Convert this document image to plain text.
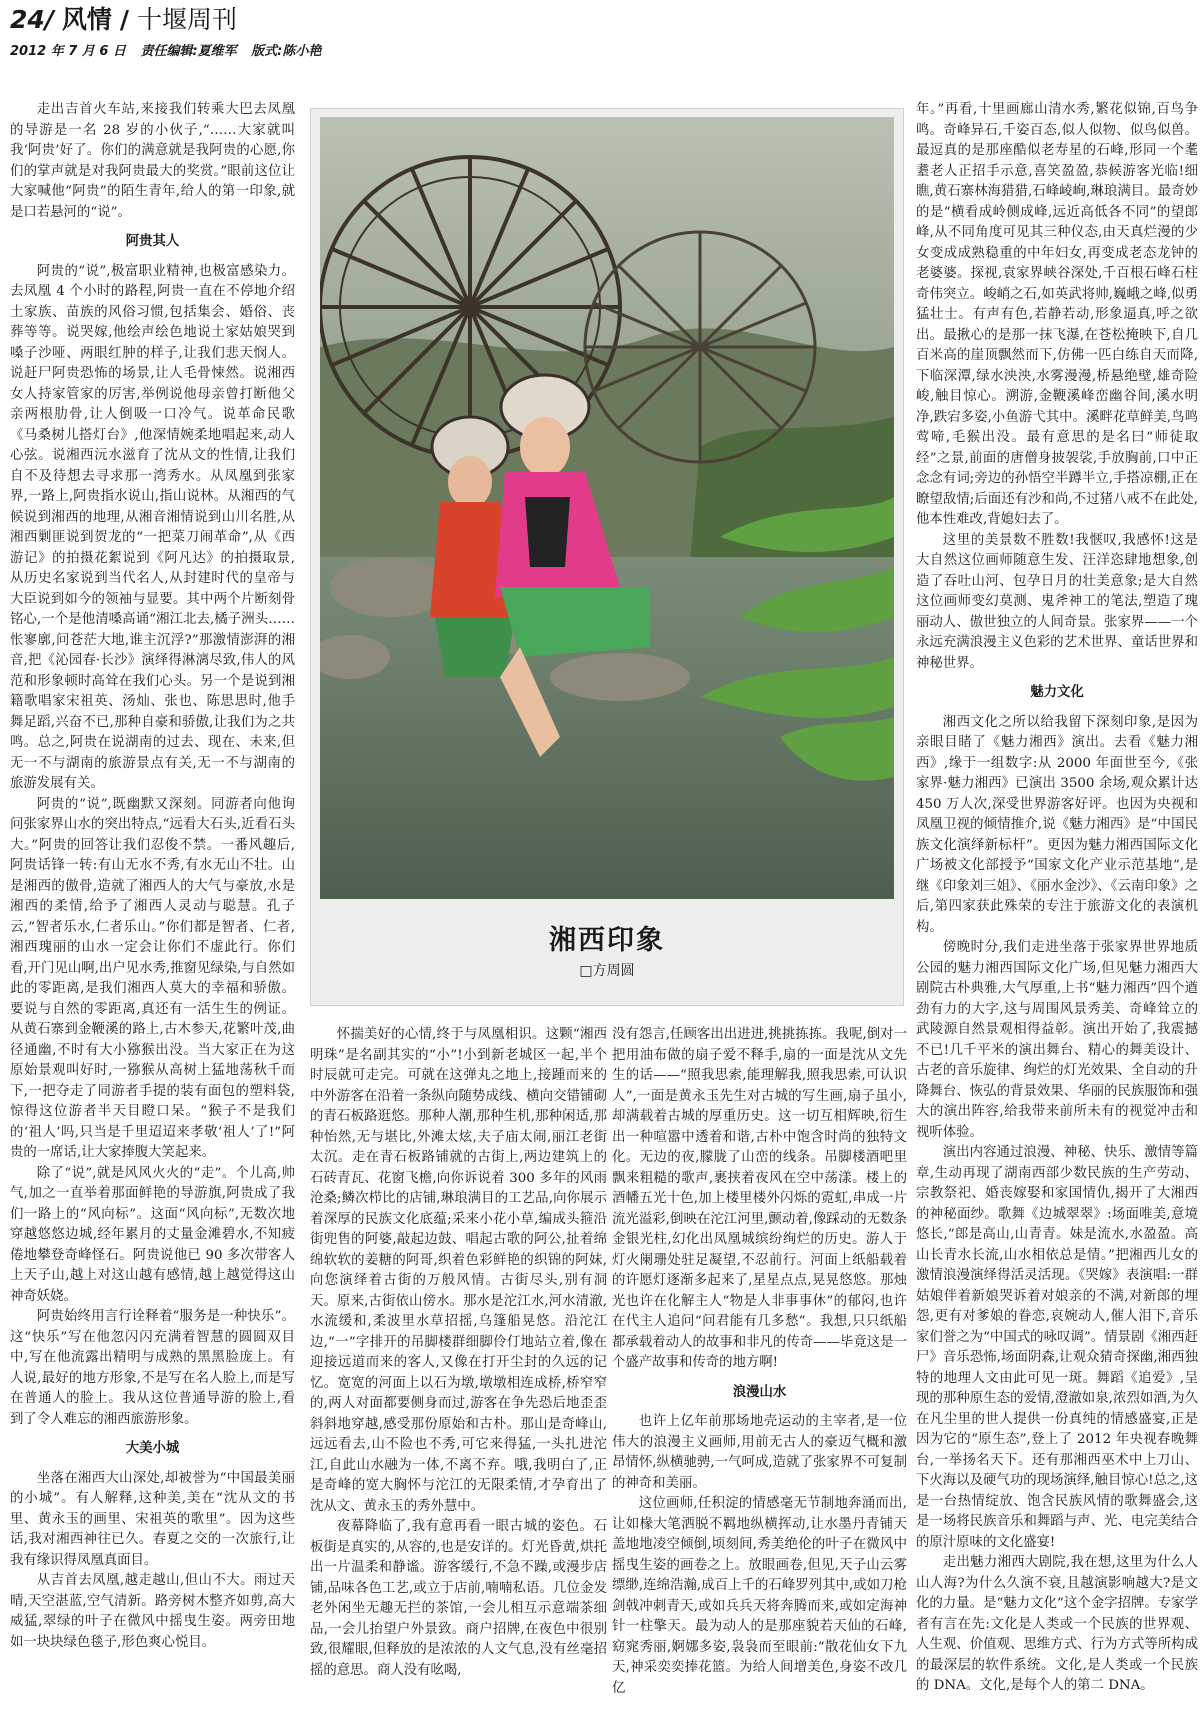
24/ 风情 / 十堰周刊
2012 年 7 月 6 日 责任编辑:夏维军 版式:陈小艳

走出吉首火车站,来接我们转乘大巴去凤凰的导游是一名 28 岁的小伙子,“……大家就叫我‘阿贵’好了。你们的满意就是我阿贵的心愿,你们的掌声就是对我阿贵最大的奖赏。”眼前这位让大家喊他“阿贵”的陌生青年,给人的第一印象,就是口若悬河的“说”。

阿贵其人

阿贵的“说”,极富职业精神,也极富感染力。去凤凰 4 个小时的路程,阿贵一直在不停地介绍土家族、苗族的风俗习惯,包括集会、婚俗、丧葬等等。说哭嫁,他绘声绘色地说土家姑娘哭到嗓子沙哑、两眼红肿的样子,让我们悲天悯人。说赶尸阿贵恐怖的场景,让人毛骨悚然。说湘西女人持家管家的厉害,举例说他母亲曾打断他父亲两根肋骨,让人倒吸一口冷气。说革命民歌《马桑树儿搭灯台》,他深情婉柔地唱起来,动人心弦。说湘西沅水滋育了沈从文的性情,让我们自不及待想去寻求那一湾秀水。从凤凰到张家界,一路上,阿贵指水说山,指山说林。从湘西的气候说到湘西的地理,从湘音湘情说到山川名胜,从湘西剿匪说到贺龙的“一把菜刀闹革命”,从《西游记》的拍摄花絮说到《阿凡达》的拍摄取景,从历史名家说到当代名人,从封建时代的皇帝与大臣说到如今的领袖与显要。其中两个片断刻骨铭心,一个是他清嗓高诵“湘江北去,橘子洲头……怅寥廓,问苍茫大地,谁主沉浮?”那激情澎湃的湘音,把《沁园春·长沙》演绎得淋漓尽致,伟人的风范和形象顿时高耸在我们心头。另一个是说到湘籍歌唱家宋祖英、汤灿、张也、陈思思时,他手舞足蹈,兴奋不已,那种自豪和骄傲,让我们为之共鸣。总之,阿贵在说湖南的过去、现在、未来,但无一不与湖南的旅游景点有关,无一不与湖南的旅游发展有关。

阿贵的“说”,既幽默又深刻。同游者向他询问张家界山水的突出特点,“远看大石头,近看石头大。”阿贵的回答让我们忍俊不禁。一番风趣后,阿贵话锋一转:有山无水不秀,有水无山不壮。山是湘西的傲骨,造就了湘西人的大气与豪放,水是湘西的柔情,给予了湘西人灵动与聪慧。孔子云,“智者乐水,仁者乐山。”你们都是智者、仁者,湘西瑰丽的山水一定会让你们不虚此行。你们看,开门见山啊,出户见水秀,推窗见绿染,与自然如此的零距离,是我们湘西人莫大的幸福和骄傲。要说与自然的零距离,真还有一活生生的例证。从黄石寨到金鞭溪的路上,古木参天,花繁叶茂,曲径通幽,不时有大小猕猴出没。当大家正在为这原始景观叫好时,一猕猴从高树上猛地荡秋千而下,一把夺走了同游者手提的装有面包的塑料袋,惊得这位游者半天目瞪口呆。“猴子不是我们的‘祖人’吗,只当是千里迢迢来孝敬‘祖人’了!”阿贵的一席话,让大家捧腹大笑起来。

除了“说”,就是风风火火的“走”。个儿高,帅气,加之一直举着那面鲜艳的导游旗,阿贵成了我们一路上的“风向标”。这面“风向标”,无数次地穿越悠悠边城,经年累月的丈量金滩碧水,不知疲倦地攀登奇峰怪石。阿贵说他已 90 多次带客人上天子山,越上对这山越有感情,越上越觉得这山神奇妖娆。

阿贵始终用言行诠释着“服务是一种快乐”。这“快乐”写在他忽闪闪充满着智慧的圆圆双目中,写在他流露出精明与成熟的黑黑脸庞上。有人说,最好的地方形象,不是写在名人脸上,而是写在普通人的脸上。我从这位普通导游的脸上,看到了令人难忘的湘西旅游形象。

大美小城

坐落在湘西大山深处,却被誉为“中国最美丽的小城”。有人解释,这种美,美在“沈从文的书里、黄永玉的画里、宋祖英的歌里”。因为这些话,我对湘西神往已久。春夏之交的一次旅行,让我有缘识得凤凰真面目。

从吉首去凤凰,越走越山,但山不大。雨过天晴,天空湛蓝,空气清新。路旁树木整齐如剪,高大威猛,翠绿的叶子在微风中摇曳生姿。两旁田地如一块块绿色毯子,形色爽心悦目。

湘西印象
□方周圆

怀揣美好的心情,终于与凤凰相识。这颗“湘西明珠”是名副其实的“小”!小到新老城区一起,半个时辰就可走完。可就在这弹丸之地上,接踵而来的中外游客在沿着一条纵向随势成线、横向交错铺砌的青石板路逛悠。那种人潮,那种生机,那种闲适,那种怡然,无与堪比,外滩太炫,夫子庙太闹,丽江老街太沉。走在青石板路铺就的古街上,两边建筑上的石砖青瓦、花窗飞檐,向你诉说着 300 多年的风雨沧桑;鳞次栉比的店铺,琳琅满目的工艺品,向你展示着深厚的民族文化底蕴;采来小花小草,编成头箍沿街兜售的阿婆,敲起边鼓、唱起古歌的阿公,扯着绵绵软软的姜糖的阿哥,织着色彩鲜艳的织锦的阿妹,向您演绎着古街的万般风情。古街尽头,别有洞天。原来,古街依山傍水。那水是沱江水,河水清澈,水流缓和,柔波里水草招摇,乌篷船晃悠。沿沱江边,“一”字排开的吊脚楼群细脚伶仃地站立着,像在迎接远道而来的客人,又像在打开尘封的久远的记忆。宽宽的河面上以石为墩,墩墩相连成桥,桥窄窄的,两人对面都要侧身而过,游客在争先恐后地歪歪斜斜地穿越,感受那份原始和古朴。那山是奇峰山,远远看去,山不险也不秀,可它来得猛,一头扎进沱江,自此山水融为一体,不离不弃。哦,我明白了,正是奇峰的宽大胸怀与沱江的无限柔情,才孕育出了沈从文、黄永玉的秀外慧中。

夜幕降临了,我有意再看一眼古城的姿色。石板街是真实的,从容的,也是安详的。灯光昏黄,烘托出一片温柔和静谧。游客缓行,不急不躁,或漫步店铺,品味各色工艺,或立于店前,喃喃私语。几位金发老外闲坐无趣无拦的茶馆,一会儿相互示意端茶细品,一会儿抬望户外景致。商户招牌,在夜色中很别致,很耀眼,但释放的是浓浓的人文气息,没有丝毫招摇的意思。商人没有吆喝,

没有怨言,任顾客出出进进,挑挑拣拣。我呢,倒对一把用油布做的扇子爱不释手,扇的一面是沈从文先生的话——“照我思索,能理解我,照我思索,可认识人”,一面是黄永玉先生对古城的写生画,扇子虽小,却满载着古城的厚重历史。这一切互相辉映,衍生出一种喧嚣中透着和谐,古朴中饱含时尚的独特文化。无边的夜,朦胧了山峦的线条。吊脚楼酒吧里飘来粗糙的歌声,裹挟着夜风在空中荡漾。楼上的酒幡五光十色,加上楼里楼外闪烁的霓虹,串成一片流光溢彩,倒映在沱江河里,颤动着,像踩动的无数条金银光柱,幻化出凤凰城缤纷绚烂的历史。游人于灯火阑珊处驻足凝望,不忍前行。河面上纸船载着的许愿灯逐渐多起来了,星星点点,晃晃悠悠。那烛光也许在化解主人“物是人非事事休”的郁闷,也许在代主人追问“问君能有几多愁”。我想,只只纸船都承载着动人的故事和非凡的传奇——毕竟这是一个盛产故事和传奇的地方啊!

浪漫山水

也许上亿年前那场地壳运动的主宰者,是一位伟大的浪漫主义画师,用前无古人的豪迈气概和激昂情怀,纵横驰骋,一气呵成,造就了张家界不可复制的神奇和美丽。

这位画师,任积淀的情感毫无节制地奔涌而出,让如椽大笔洒脱不羁地纵横挥动,让水墨丹青铺天盖地地凌空倾倒,顷刻间,秀美绝伦的叶子在微风中摇曳生姿的画卷之上。放眼画卷,但见,天子山云雾缥缈,连绵浩瀚,成百上千的石峰罗列其中,或如刀枪剑戟冲刺青天,或如兵兵天将奔腾而来,或如定海神针一柱擎天。最为动人的是那座貌若天仙的石峰,窈窕秀丽,婀娜多姿,袅袅而至眼前:“散花仙女下九天,神采奕奕捧花篮。为给人间增美色,身姿不改几亿

年。”再看,十里画廊山清水秀,繁花似锦,百鸟争鸣。奇峰异石,千姿百态,似人似物、似鸟似兽。最逗真的是那座酷似老寿星的石峰,形同一个耄耋老人正招手示意,喜笑盈盈,恭候游客光临!细瞧,黄石寨林海猎猎,石峰崚峋,琳琅满目。最奇妙的是“横看成岭侧成峰,远近高低各不同”的望郎峰,从不同角度可见其三种仪态,由天真烂漫的少女变成成熟稳重的中年妇女,再变成老态龙钟的老婆婆。探视,袁家界峡谷深处,千百根石峰石柱奇伟突立。峻峭之石,如英武将帅,巍峨之峰,似勇猛壮士。有声有色,若静若动,形象逼真,呼之欲出。最揪心的是那一抹飞瀑,在苍松掩映下,自几百米高的崖顶飘然而下,仿佛一匹白练自天而降,下临深潭,绿水泱泱,水雾漫漫,桥悬绝壁,雄奇险峻,触目惊心。溯游,金鞭溪峰峦幽谷间,溪水明净,跌宕多姿,小鱼游弋其中。溪畔花草鲜美,鸟鸣莺啼,毛猴出没。最有意思的是名曰“师徒取经”之景,前面的唐僧身披袈裟,手放胸前,口中正念念有词;旁边的孙悟空半蹲半立,手搭凉棚,正在瞭望敌情;后面还有沙和尚,不过猪八戒不在此处,他本性难改,背媳妇去了。

这里的美景数不胜数!我惬叹,我感怀!这是大自然这位画师随意生发、汪洋恣肆地想象,创造了吞吐山河、包孕日月的壮美意象;是大自然这位画师变幻莫测、鬼斧神工的笔法,塑造了瑰丽动人、傲世独立的人间奇景。张家界——一个永远充满浪漫主义色彩的艺术世界、童话世界和神秘世界。

魅力文化

湘西文化之所以给我留下深刻印象,是因为亲眼目睹了《魅力湘西》演出。去看《魅力湘西》,缘于一组数字:从 2000 年面世至今,《张家界·魅力湘西》已演出 3500 余场,观众累计达 450 万人次,深受世界游客好评。也因为央视和凤凰卫视的倾情推介,说《魅力湘西》是“中国民族文化演绎新标杆”。更因为魅力湘西国际文化广场被文化部授予“国家文化产业示范基地”,是继《印象刘三姐》、《丽水金沙》、《云南印象》之后,第四家获此殊荣的专注于旅游文化的表演机构。

傍晚时分,我们走进坐落于张家界世界地质公园的魅力湘西国际文化广场,但见魅力湘西大剧院古朴典雅,大气厚重,上书“魅力湘西”四个遒劲有力的大字,这与周围风景秀美、奇峰耸立的武陵源自然景观相得益彰。演出开始了,我震撼不已!几千平米的演出舞台、精心的舞美设计、古老的音乐旋律、绚烂的灯光效果、全自动的升降舞台、恢弘的背景效果、华丽的民族服饰和强大的演出阵容,给我带来前所未有的视觉冲击和视听体验。

演出内容通过浪漫、神秘、快乐、激情等篇章,生动再现了湖南西部少数民族的生产劳动、宗教祭祀、婚丧嫁娶和家国情仇,揭开了大湘西的神秘面纱。歌舞《边城翠翠》:场面唯美,意境悠长,“郎是高山,山青青。妹是流水,水盈盈。高山长青水长流,山水相依总是情。”把湘西儿女的激情浪漫演绎得活灵活现。《哭嫁》表演唱:一群姑娘伴着新娘哭诉着对娘亲的不满,对新郎的埋怨,更有对爹娘的眷恋,哀婉动人,催人泪下,音乐家们誉之为“中国式的咏叹调”。情景剧《湘西赶尸》音乐恐怖,场面阴森,让观众猜奇探幽,湘西独特的地理人文由此可见一斑。舞蹈《追爱》,呈现的那种原生态的爱情,澄澈如泉,浓烈如酒,为久在凡尘里的世人提供一份真纯的情感盛宴,正是因为它的“原生态”,登上了 2012 年央视春晚舞台,一举扬名天下。还有那湘西巫术中上刀山、下火海以及硬气功的现场演绎,触目惊心!总之,这是一台热情绽放、饱含民族风情的歌舞盛会,这是一场将民族音乐和舞蹈与声、光、电完美结合的原汁原味的文化盛宴!

走出魅力湘西大剧院,我在想,这里为什么人山人海?为什么久演不衰,且越演影响越大?是文化的力量。是“魅力文化”这个金字招牌。专家学者有言在先:文化是人类或一个民族的世界观、人生观、价值观、思维方式、行为方式等所构成的最深层的软件系统。文化,是人类或一个民族的 DNA。文化,是每个人的第二 DNA。
